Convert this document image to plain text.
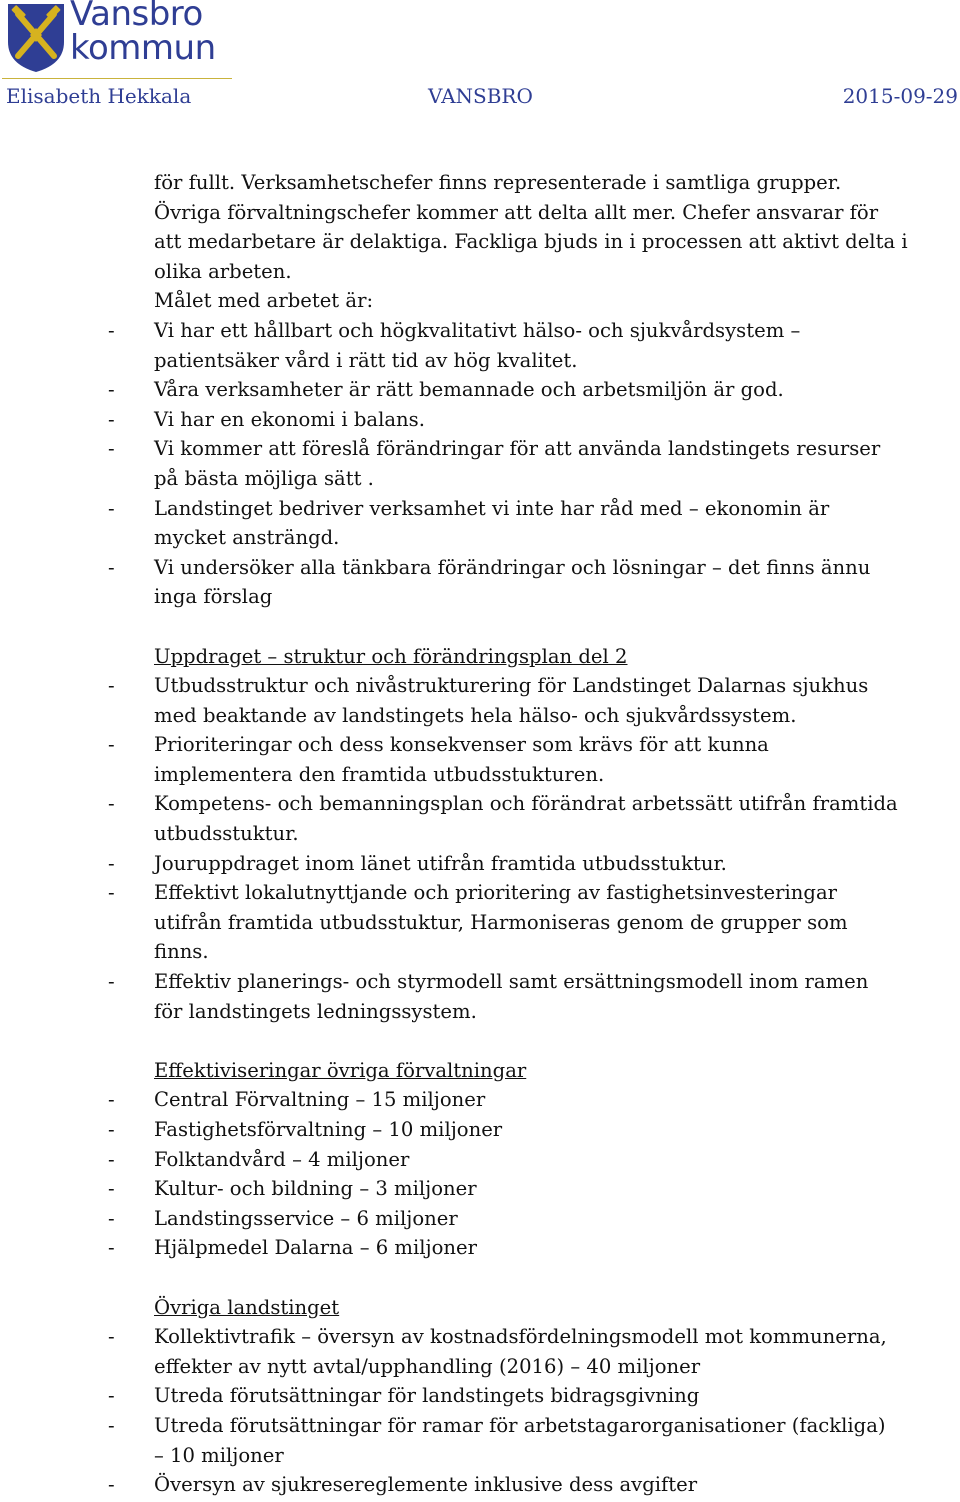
Vansbro
kommun
Elisabeth Hekkala	VANSBRO	2015-09-29
för fullt. Verksamhetschefer finns representerade i samtliga grupper.
Övriga förvaltningschefer kommer att delta allt mer. Chefer ansvarar för
att medarbetare är delaktiga. Fackliga bjuds in i processen att aktivt delta i
olika arbeten.
Målet med arbetet är:
-	Vi har ett hållbart och högkvalitativt hälso- och sjukvårdsystem –
patientsäker vård i rätt tid av hög kvalitet.
-	Våra verksamheter är rätt bemannade och arbetsmiljön är god.
-	Vi har en ekonomi i balans.
-	Vi kommer att föreslå förändringar för att använda landstingets resurser
på bästa möjliga sätt .
-	Landstinget bedriver verksamhet vi inte har råd med – ekonomin är
mycket ansträngd.
-	Vi undersöker alla tänkbara förändringar och lösningar – det finns ännu
inga förslag
Uppdraget – struktur och förändringsplan del 2
-	Utbudsstruktur och nivåstrukturering för Landstinget Dalarnas sjukhus
med beaktande av landstingets hela hälso- och sjukvårdssystem.
-	Prioriteringar och dess konsekvenser som krävs för att kunna
implementera den framtida utbudsstukturen.
-	Kompetens- och bemanningsplan och förändrat arbetssätt utifrån framtida
utbudsstuktur.
-	Jouruppdraget inom länet utifrån framtida utbudsstuktur.
-	Effektivt lokalutnyttjande och prioritering av fastighetsinvesteringar
utifrån framtida utbudsstuktur, Harmoniseras genom de grupper som
finns.
-	Effektiv planerings- och styrmodell samt ersättningsmodell inom ramen
för landstingets ledningssystem.
Effektiviseringar övriga förvaltningar
-	Central Förvaltning – 15 miljoner
-	Fastighetsförvaltning – 10 miljoner
-	Folktandvård – 4 miljoner
-	Kultur- och bildning – 3 miljoner
-	Landstingsservice – 6 miljoner
-	Hjälpmedel Dalarna – 6 miljoner
Övriga landstinget
-	Kollektivtrafik – översyn av kostnadsfördelningsmodell mot kommunerna,
effekter av nytt avtal/upphandling (2016) – 40 miljoner
-	Utreda förutsättningar för landstingets bidragsgivning
-	Utreda förutsättningar för ramar för arbetstagarorganisationer (fackliga)
– 10 miljoner
-	Översyn av sjukresereglemente inklusive dess avgifter
